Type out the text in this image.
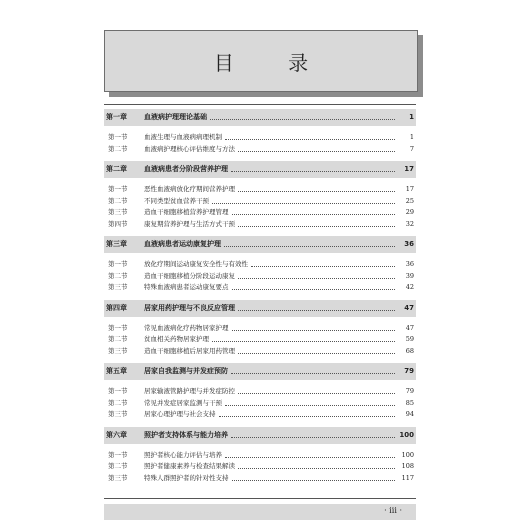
目 录
第一章	血液病护理理论基础	1
第一节	血液生理与血液病病理机制	1
第二节	血液病护理核心评估维度与方法	7
第二章	血液病患者分阶段营养护理	17
第一节	恶性血液病放化疗期间营养护理	17
第二节	不同类型贫血营养干预	25
第三节	造血干细胞移植营养护理管理	29
第四节	康复期营养护理与生活方式干预	32
第三章	血液病患者运动康复护理	36
第一节	放化疗期间运动康复安全性与有效性	36
第二节	造血干细胞移植分阶段运动康复	39
第三节	特殊血液病患者运动康复要点	42
第四章	居家用药护理与不良反应管理	47
第一节	常见血液病化疗药物居家护理	47
第二节	贫血相关药物居家护理	59
第三节	造血干细胞移植后居家用药管理	68
第五章	居家自我监测与并发症预防	79
第一节	居家输液管路护理与并发症防控	79
第二节	常见并发症居家监测与干预	85
第三节	居家心理护理与社会支持	94
第六章	照护者支持体系与能力培养	100
第一节	照护者核心能力评估与培养	100
第二节	照护者健康素养与检查结果解读	108
第三节	特殊人群照护者的针对性支持	117
· iii ·
